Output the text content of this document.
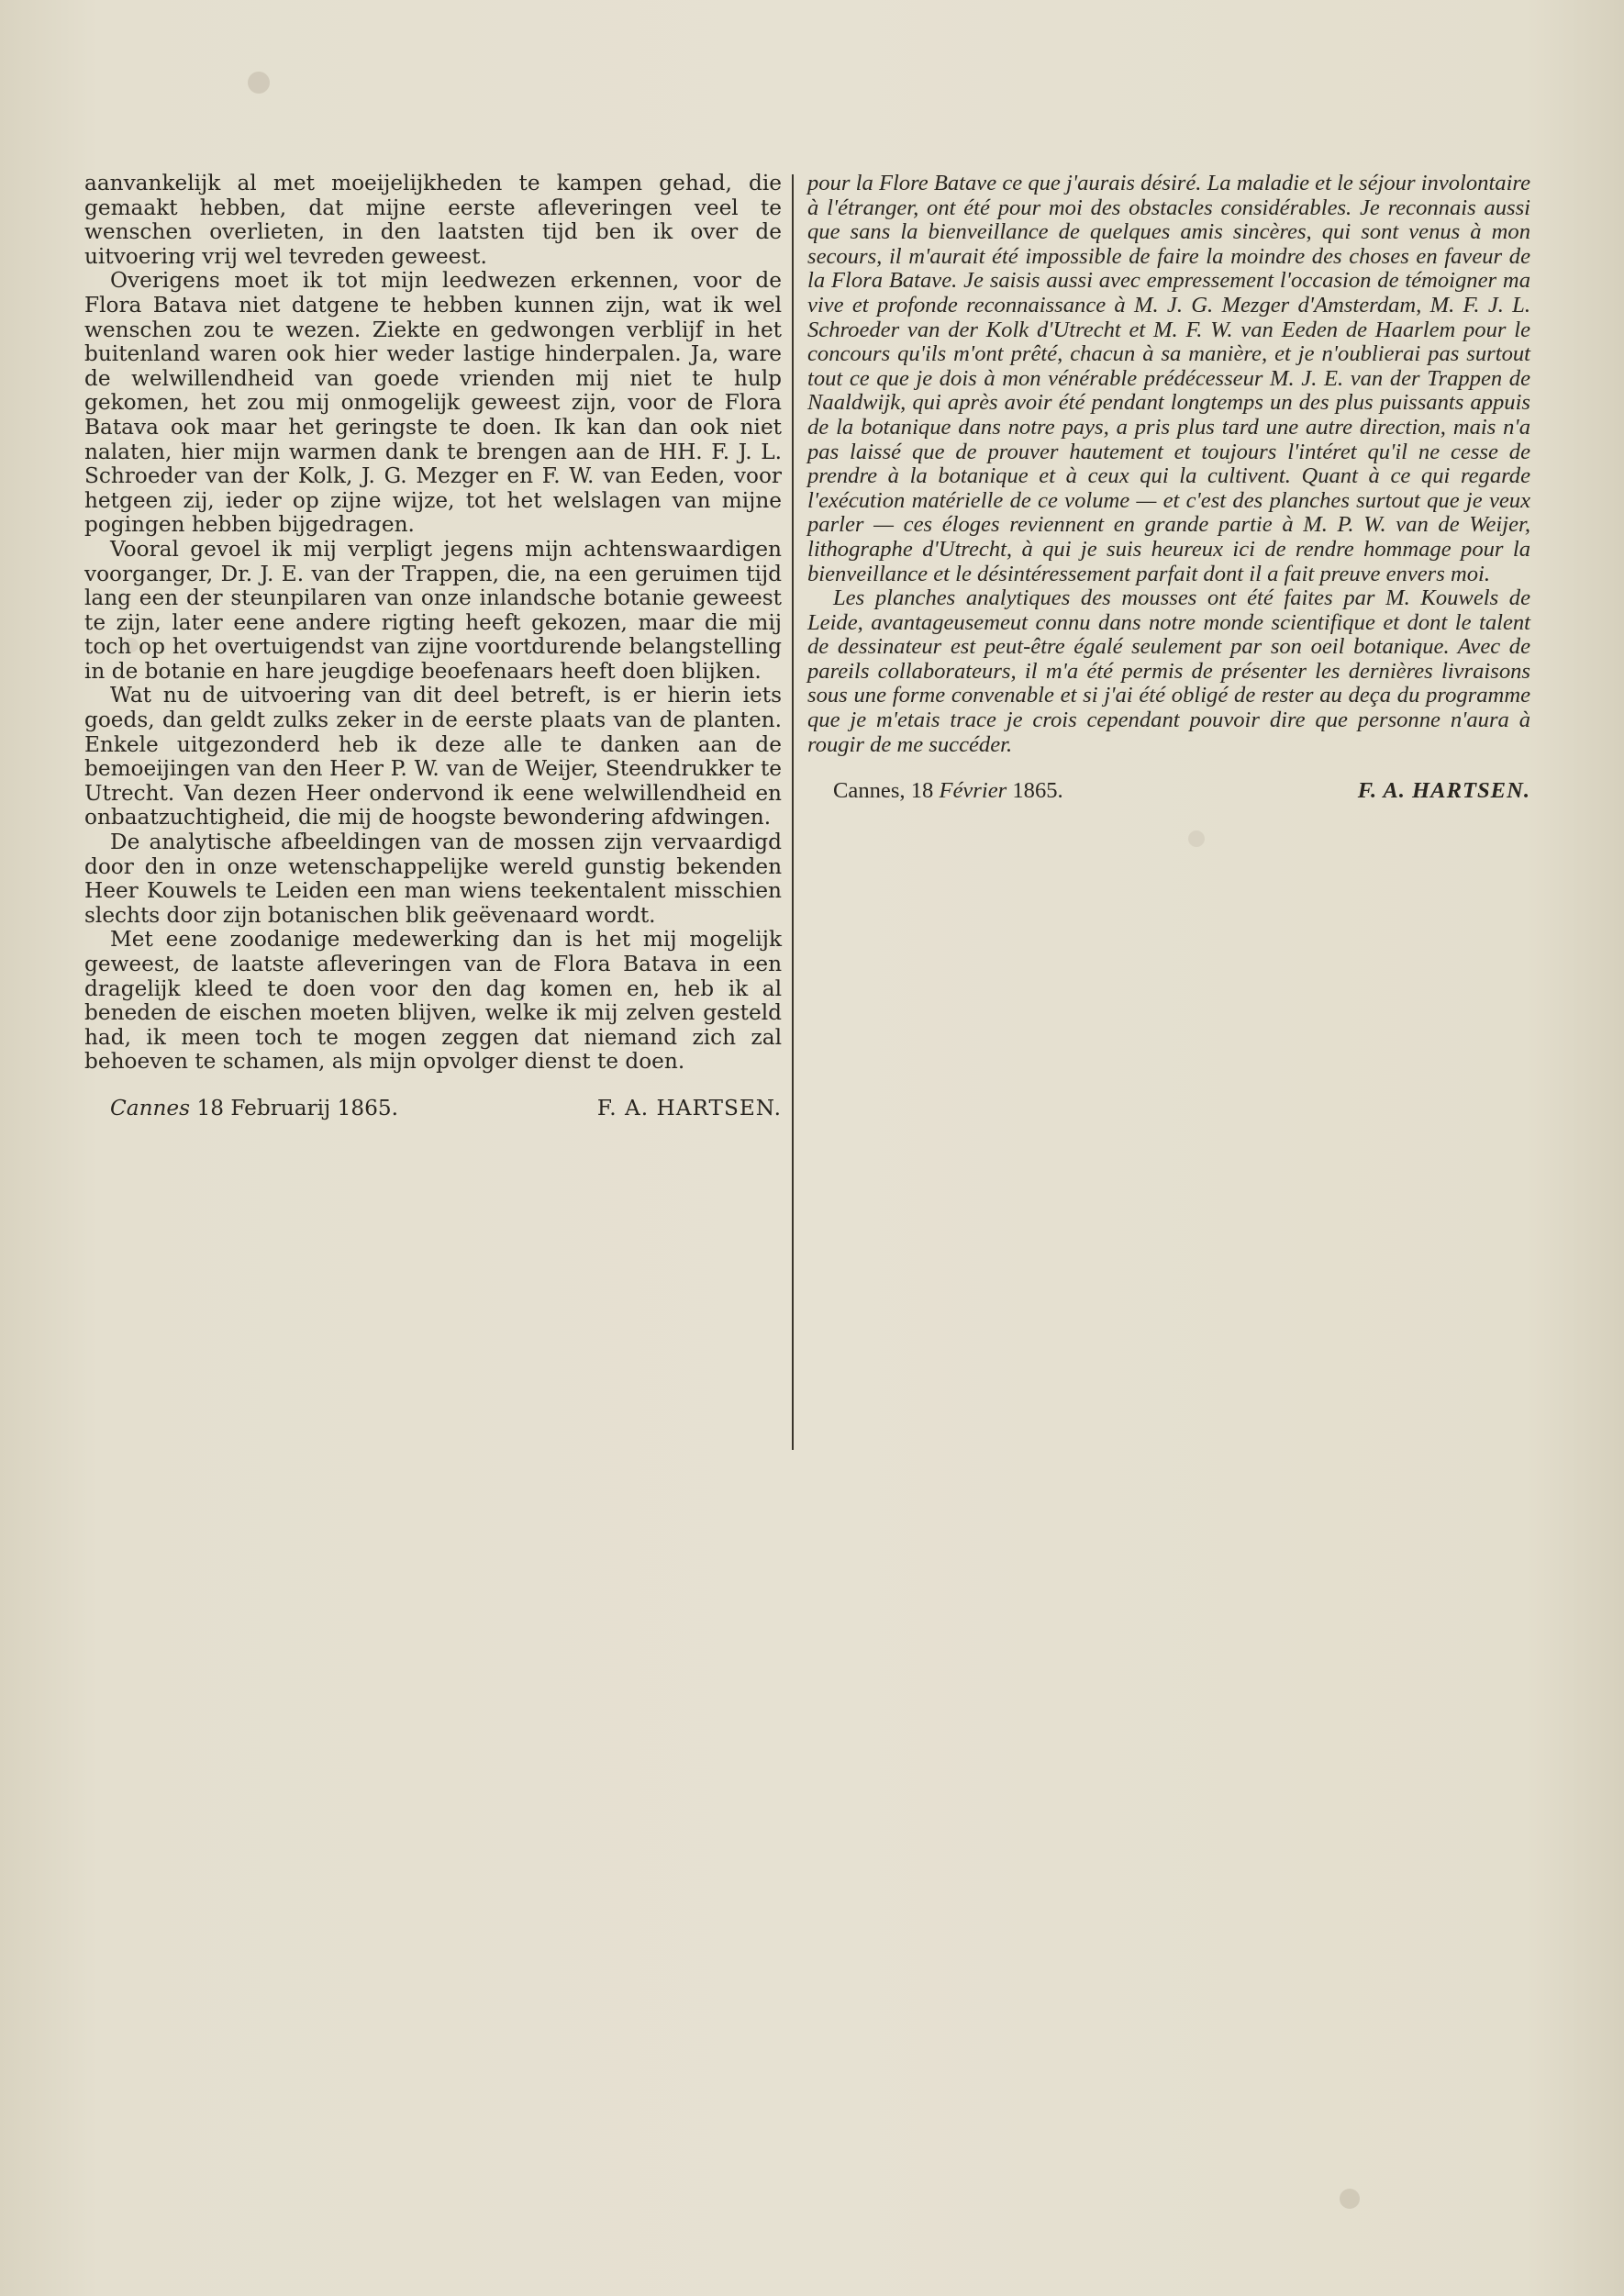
aanvankelijk al met moeijelijkheden te kampen gehad, die gemaakt hebben, dat mijne eerste afleveringen veel te wenschen overlieten, in den laatsten tijd ben ik over de uitvoering vrij wel tevreden geweest.

Overigens moet ik tot mijn leedwezen erkennen, voor de Flora Batava niet datgene te hebben kunnen zijn, wat ik wel wenschen zou te wezen. Ziekte en gedwongen verblijf in het buitenland waren ook hier weder lastige hinderpalen. Ja, ware de welwillendheid van goede vrienden mij niet te hulp gekomen, het zou mij onmogelijk geweest zijn, voor de Flora Batava ook maar het geringste te doen. Ik kan dan ook niet nalaten, hier mijn warmen dank te brengen aan de HH. F. J. L. Schroeder van der Kolk, J. G. Mezger en F. W. van Eeden, voor hetgeen zij, ieder op zijne wijze, tot het welslagen van mijne pogingen hebben bijgedragen.

Vooral gevoel ik mij verpligt jegens mijn achtenswaardigen voorganger, Dr. J. E. van der Trappen, die, na een geruimen tijd lang een der steunpilaren van onze inlandsche botanie geweest te zijn, later eene andere rigting heeft gekozen, maar die mij toch op het overtuigendst van zijne voortdurende belangstelling in de botanie en hare jeugdige beoefenaars heeft doen blijken.

Wat nu de uitvoering van dit deel betreft, is er hierin iets goeds, dan geldt zulks zeker in de eerste plaats van de planten. Enkele uitgezonderd heb ik deze alle te danken aan de bemoeijingen van den Heer P. W. van de Weijer, Steendrukker te Utrecht. Van dezen Heer ondervond ik eene welwillendheid en onbaatzuchtigheid, die mij de hoogste bewondering afdwingen.

De analytische afbeeldingen van de mossen zijn vervaardigd door den in onze wetenschappelijke wereld gunstig bekenden Heer Kouwels te Leiden een man wiens teekentalent misschien slechts door zijn botanischen blik geëvenaard wordt.

Met eene zoodanige medewerking dan is het mij mogelijk geweest, de laatste afleveringen van de Flora Batava in een dragelijk kleed te doen voor den dag komen en, heb ik al beneden de eischen moeten blijven, welke ik mij zelven gesteld had, ik meen toch te mogen zeggen dat niemand zich zal behoeven te schamen, als mijn opvolger dienst te doen.

Cannes 18 Februarij 1865.	F. A. HARTSEN.

pour la Flore Batave ce que j'aurais désiré. La maladie et le séjour involontaire à l'étranger, ont été pour moi des obstacles considérables. Je reconnais aussi que sans la bienveillance de quelques amis sincères, qui sont venus à mon secours, il m'aurait été impossible de faire la moindre des choses en faveur de la Flora Batave. Je saisis aussi avec empressement l'occasion de témoigner ma vive et profonde reconnaissance à M. J. G. Mezger d'Amsterdam, M. F. J. L. Schroeder van der Kolk d'Utrecht et M. F. W. van Eeden de Haarlem pour le concours qu'ils m'ont prêté, chacun à sa manière, et je n'oublierai pas surtout tout ce que je dois à mon vénérable prédécesseur M. J. E. van der Trappen de Naaldwijk, qui après avoir été pendant longtemps un des plus puissants appuis de la botanique dans notre pays, a pris plus tard une autre direction, mais n'a pas laissé que de prouver hautement et toujours l'intéret qu'il ne cesse de prendre à la botanique et à ceux qui la cultivent. Quant à ce qui regarde l'exécution matérielle de ce volume — et c'est des planches surtout que je veux parler — ces éloges reviennent en grande partie à M. P. W. van de Weijer, lithographe d'Utrecht, à qui je suis heureux ici de rendre hommage pour la bienveillance et le désintéressement parfait dont il a fait preuve envers moi.

Les planches analytiques des mousses ont été faites par M. Kouwels de Leide, avantageusemeut connu dans notre monde scientifique et dont le talent de dessinateur est peut-être égalé seulement par son oeil botanique. Avec de pareils collaborateurs, il m'a été permis de présenter les dernières livraisons sous une forme convenable et si j'ai été obligé de rester au deça du programme que je m'etais trace je crois cependant pouvoir dire que personne n'aura à rougir de me succéder.

Cannes, 18 Février 1865.	F. A. HARTSEN.
